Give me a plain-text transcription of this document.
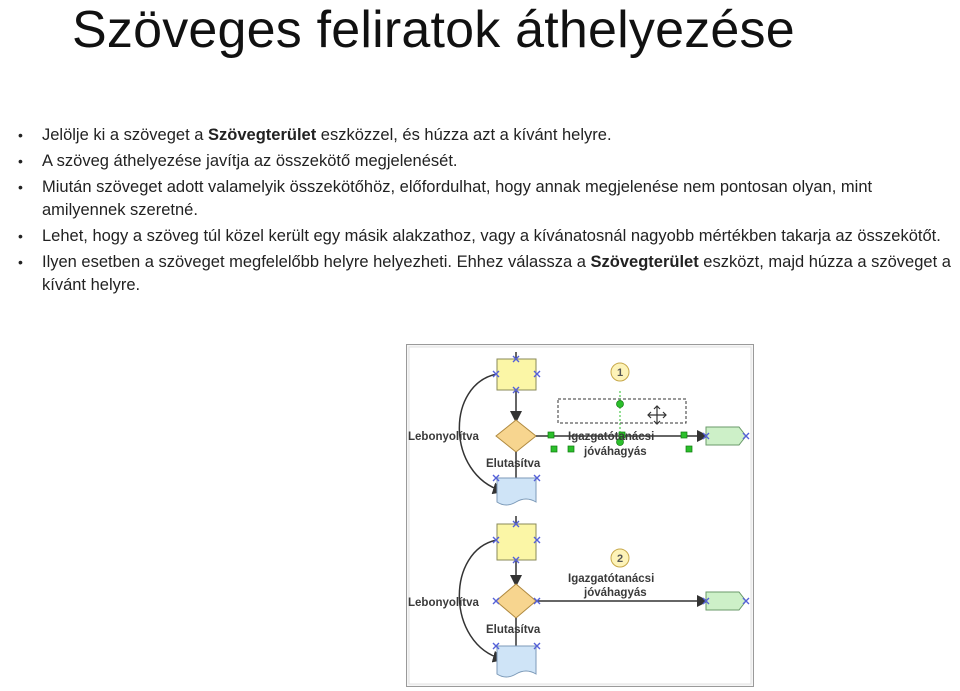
Szöveges feliratok áthelyezése
• Jelölje ki a szöveget a Szövegterület eszközzel, és húzza azt a kívánt helyre.
• A szöveg áthelyezése javítja az összekötő megjelenését.
• Miután szöveget adott valamelyik összekötőhöz, előfordulhat, hogy annak megjelenése nem pontosan olyan, mint amilyennek szeretné.
• Lehet, hogy a szöveg túl közel került egy másik alakzathoz, vagy a kívánatosnál nagyobb mértékben takarja az összekötőt.
• Ilyen esetben a szöveget megfelelőbb helyre helyezheti. Ehhez válassza a Szövegterület eszközt, majd húzza a szöveget a kívánt helyre.
1
Lebonyolítva
Elutasítva
Igazgatótanácsi
jóváhagyás
2
Lebonyolítva
Elutasítva
Igazgatótanácsi
jóváhagyás
